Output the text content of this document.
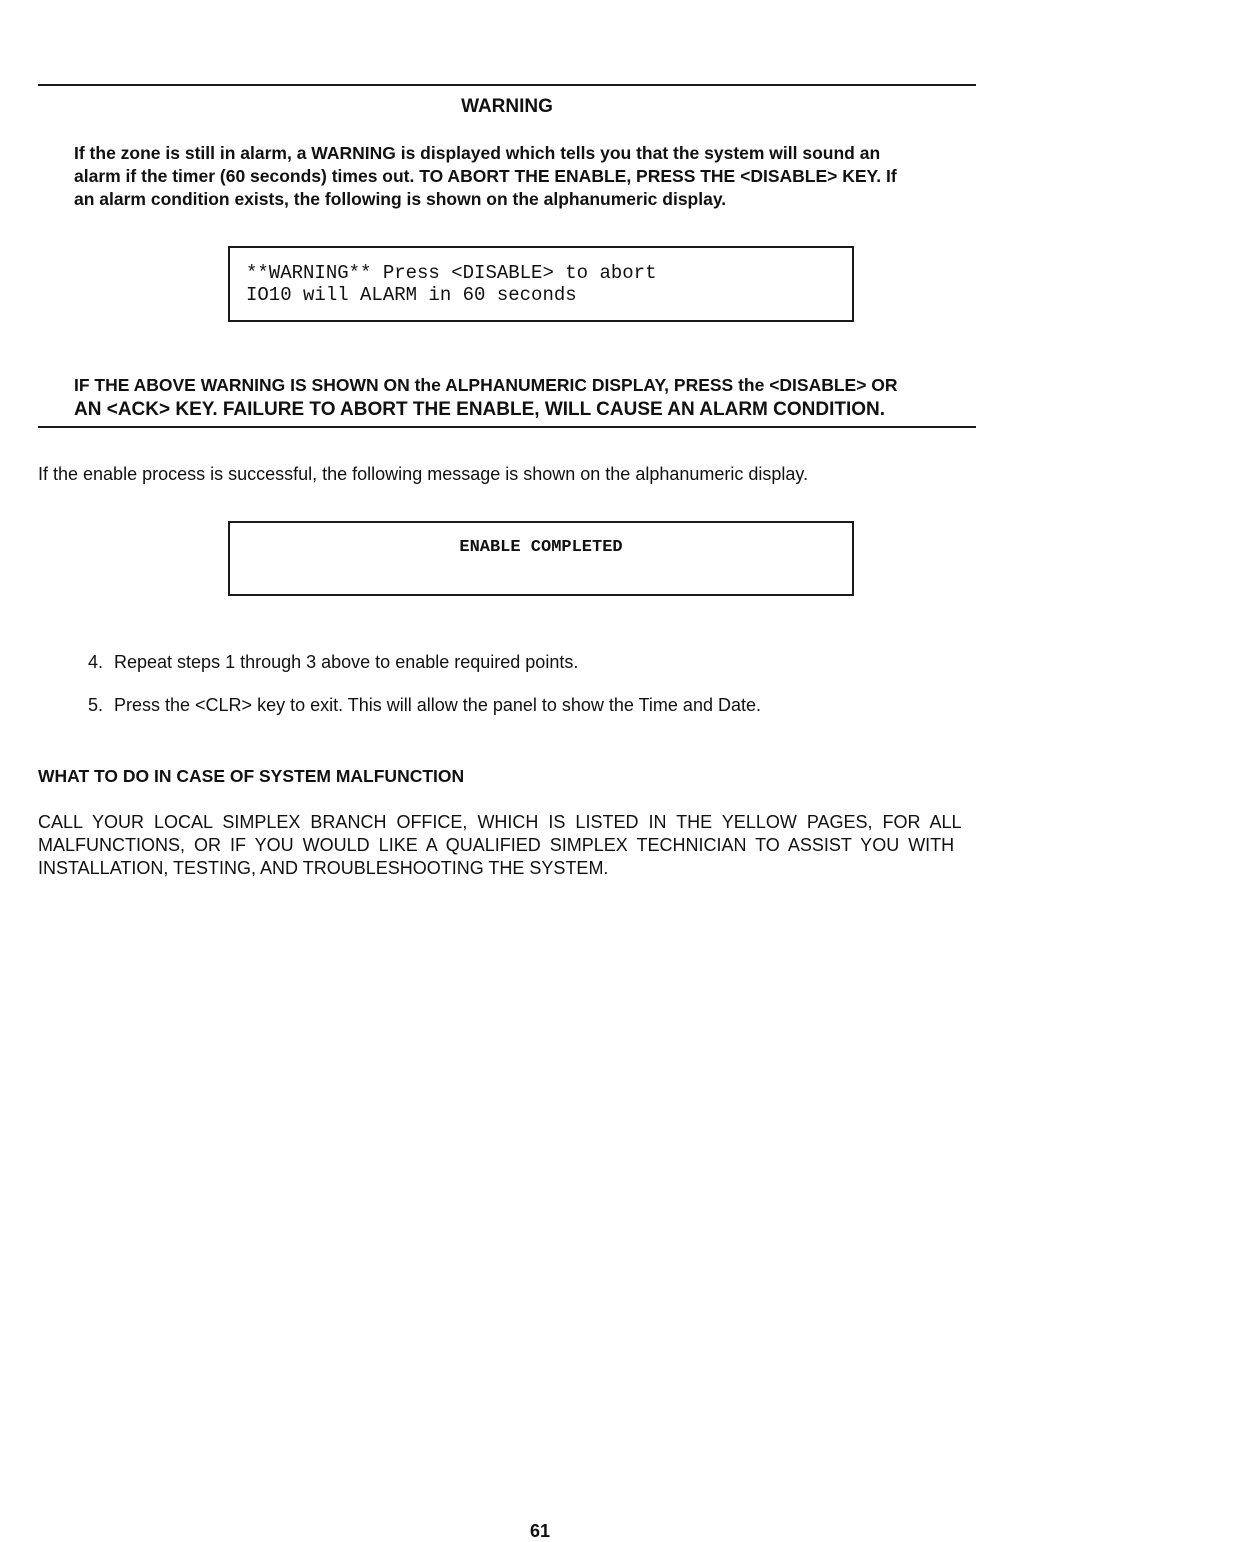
WARNING

If the zone is still in alarm, a WARNING is displayed which tells you that the system will sound an

alarm if the timer (60 seconds) times out. TO ABORT THE ENABLE, PRESS THE <DISABLE> KEY. If

an alarm condition exists, the following is shown on the alphanumeric display.

**WARNING** Press <DISABLE> to abort
IO10 will ALARM in 60 seconds

IF THE ABOVE WARNING IS SHOWN ON the ALPHANUMERIC DISPLAY, PRESS the <DISABLE> OR

AN <ACK> KEY. FAILURE TO ABORT THE ENABLE, WILL CAUSE AN ALARM CONDITION.

If the enable process is successful, the following message is shown on the alphanumeric display.
ENABLE COMPLETED
4. Repeat steps 1 through 3 above to enable required points.
5. Press the <CLR> key to exit. This will allow the panel to show the Time and Date.
WHAT TO DO IN CASE OF SYSTEM MALFUNCTION

CALL YOUR LOCAL SIMPLEX BRANCH OFFICE, WHICH IS LISTED IN THE YELLOW PAGES, FOR ALL

MALFUNCTIONS, OR IF YOU WOULD LIKE A QUALIFIED SIMPLEX TECHNICIAN TO ASSIST YOU WITH

INSTALLATION, TESTING, AND TROUBLESHOOTING THE SYSTEM.

61
